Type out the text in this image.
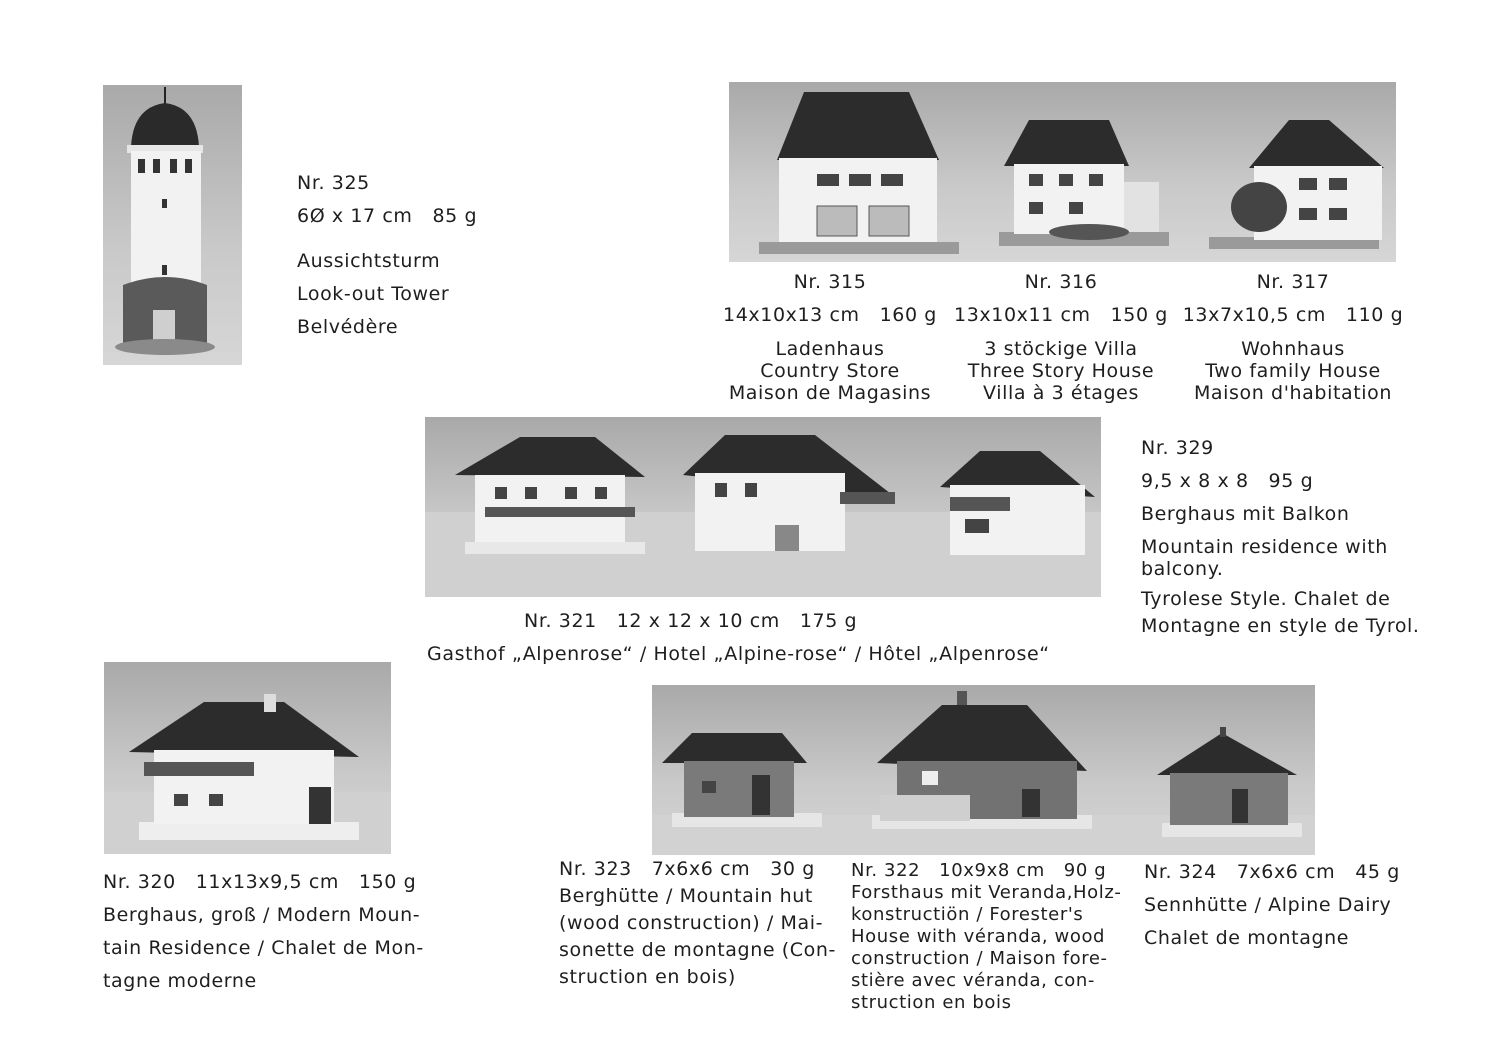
Nr. 325
6Ø x 17 cm   85 g
Aussichtsturm
Look-out Tower
Belvédère
Nr. 315
14x10x13 cm   160 g
Ladenhaus
Country Store
Maison de Magasins
Nr. 316
13x10x11 cm   150 g
3 stöckige Villa
Three Story House
Villa à 3 étages
Nr. 317
13x7x10,5 cm   110 g
Wohnhaus
Two family House
Maison d'habitation
Nr. 321   12 x 12 x 10 cm   175 g
Gasthof „Alpenrose“ / Hotel „Alpine-rose“ / Hôtel „Alpenrose“
Nr. 329
9,5 x 8 x 8   95 g
Berghaus mit Balkon
Mountain residence with
balcony.
Tyrolese Style. Chalet de
Montagne en style de Tyrol.
Nr. 320   11x13x9,5 cm   150 g
Berghaus, groß / Modern Moun-
tain Residence / Chalet de Mon-
tagne moderne
Nr. 323   7x6x6 cm   30 g
Berghütte / Mountain hut
(wood construction) / Mai-
sonette de montagne (Con-
struction en bois)
Nr. 322   10x9x8 cm   90 g
Forsthaus mit Veranda,Holz-
konstructiön / Forester's
House with véranda, wood
construction / Maison fore-
stière avec véranda, con-
struction en bois
Nr. 324   7x6x6 cm   45 g
Sennhütte / Alpine Dairy
Chalet de montagne
